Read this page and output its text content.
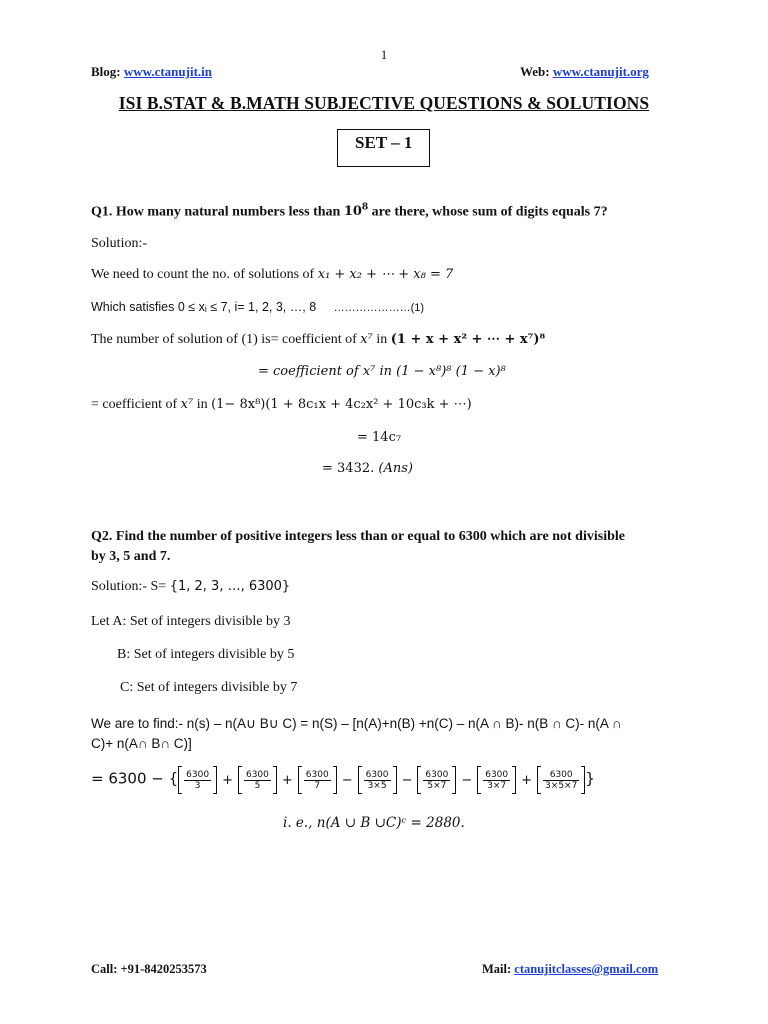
1
Blog: www.ctanujit.in	Web: www.ctanujit.org
ISI B.STAT & B.MATH SUBJECTIVE QUESTIONS & SOLUTIONS
SET – 1
Q1. How many natural numbers less than $10^8$ are there, whose sum of digits equals 7?
Solution:-
We need to count the no. of solutions of x₁ + x₂ + ⋯ + x₈ = 7
Which satisfies 0 ≤ xᵢ ≤ 7, i= 1, 2, 3, …, 8 …………………(1)
The number of solution of (1) is= coefficient of x⁷ in (1 + x + x² + ⋯ + x⁷)⁸
= coefficient of x⁷ in (1 − x⁸)⁸ (1 − x)⁸
= coefficient of x⁷ in (1− 8x⁸)(1 + 8c₁x + 4c₂x² + 10c₃k + ⋯)
= 14c₇
= 3432. (Ans)
Q2. Find the number of positive integers less than or equal to 6300 which are not divisible
by 3, 5 and 7.
Solution:- S= {1, 2, 3, …, 6300}
Let A: Set of integers divisible by 3
B: Set of integers divisible by 5
C: Set of integers divisible by 7
We are to find:- n(s) – n(A∪ B∪ C) = n(S) – [n(A)+n(B) +n(C) – n(A ∩ B)- n(B ∩ C)- n(A ∩
C)+ n(A∩ B∩ C)]
= 6300 − { $\frac{6300}{3} + \frac{6300}{5} + \frac{6300}{7} - \frac{6300}{3\times 5} - \frac{6300}{5\times 7} - \frac{6300}{3\times 7} + \frac{6300}{3\times 5\times 7}$ }
i. e., n(A ∪ B ∪C)ᶜ = 2880.
Call: +91-8420253573	Mail: ctanujitclasses@gmail.com
